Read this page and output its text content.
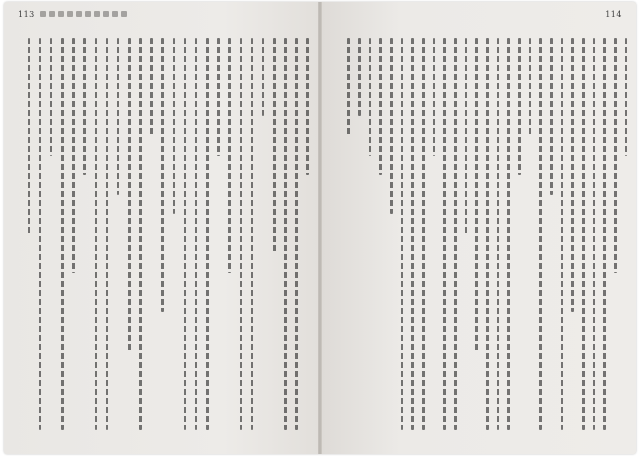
113	114
